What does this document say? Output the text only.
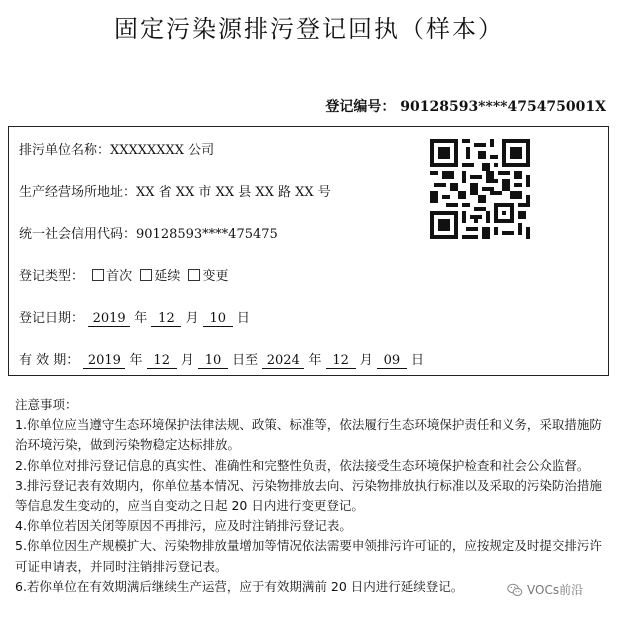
固定污染源排污登记回执（样本）
登记编号： 90128593****475475001X
排污单位名称：XXXXXXXX 公司
生产经营场所地址：XX 省 XX 市 XX 县 XX 路 XX 号
统一社会信用代码：90128593****475475
登记类型： 首次 延续 变更
登记日期： 2019 年 12 月 10 日
有 效 期： 2019 年 12 月 10 日至 2024 年 12 月 09 日

注意事项：

1.你单位应当遵守生态环境保护法律法规、政策、标准等，依法履行生态环境保护责任和义务，采取措施防治环境污染，做到污染物稳定达标排放。

2.你单位对排污登记信息的真实性、准确性和完整性负责，依法接受生态环境保护检查和社会公众监督。

3.排污登记表有效期内，你单位基本情况、污染物排放去向、污染物排放执行标准以及采取的污染防治措施等信息发生变动的，应当自变动之日起 20 日内进行变更登记。

4.你单位若因关闭等原因不再排污，应及时注销排污登记表。

5.你单位因生产规模扩大、污染物排放量增加等情况依法需要申领排污许可证的，应按规定及时提交排污许可证申请表，并同时注销排污登记表。

6.若你单位在有效期满后继续生产运营，应于有效期满前 20 日内进行延续登记。	VOCs前沿
